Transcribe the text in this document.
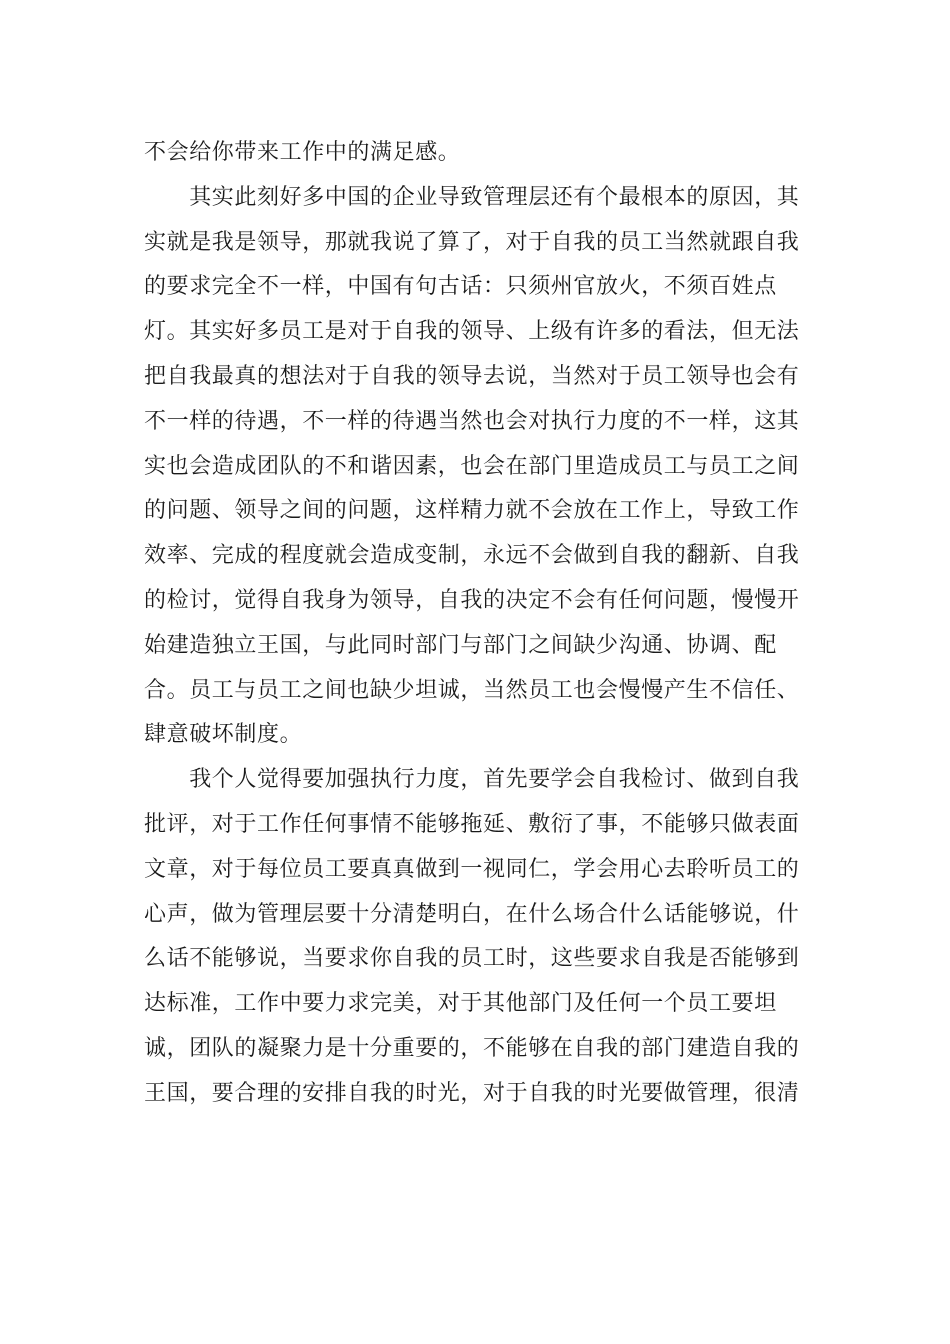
不会给你带来工作中的满足感。
　　其实此刻好多中国的企业导致管理层还有个最根本的原因，其
实就是我是领导，那就我说了算了，对于自我的员工当然就跟自我
的要求完全不一样，中国有句古话：只须州官放火，不须百姓点
灯。其实好多员工是对于自我的领导、上级有许多的看法，但无法
把自我最真的想法对于自我的领导去说，当然对于员工领导也会有
不一样的待遇，不一样的待遇当然也会对执行力度的不一样，这其
实也会造成团队的不和谐因素，也会在部门里造成员工与员工之间
的问题、领导之间的问题，这样精力就不会放在工作上，导致工作
效率、完成的程度就会造成变制，永远不会做到自我的翻新、自我
的检讨，觉得自我身为领导，自我的决定不会有任何问题，慢慢开
始建造独立王国，与此同时部门与部门之间缺少沟通、协调、配
合。员工与员工之间也缺少坦诚，当然员工也会慢慢产生不信任、
肆意破坏制度。
　　我个人觉得要加强执行力度，首先要学会自我检讨、做到自我
批评，对于工作任何事情不能够拖延、敷衍了事，不能够只做表面
文章，对于每位员工要真真做到一视同仁，学会用心去聆听员工的
心声，做为管理层要十分清楚明白，在什么场合什么话能够说，什
么话不能够说，当要求你自我的员工时，这些要求自我是否能够到
达标准，工作中要力求完美，对于其他部门及任何一个员工要坦
诚，团队的凝聚力是十分重要的，不能够在自我的部门建造自我的
王国，要合理的安排自我的时光，对于自我的时光要做管理，很清
